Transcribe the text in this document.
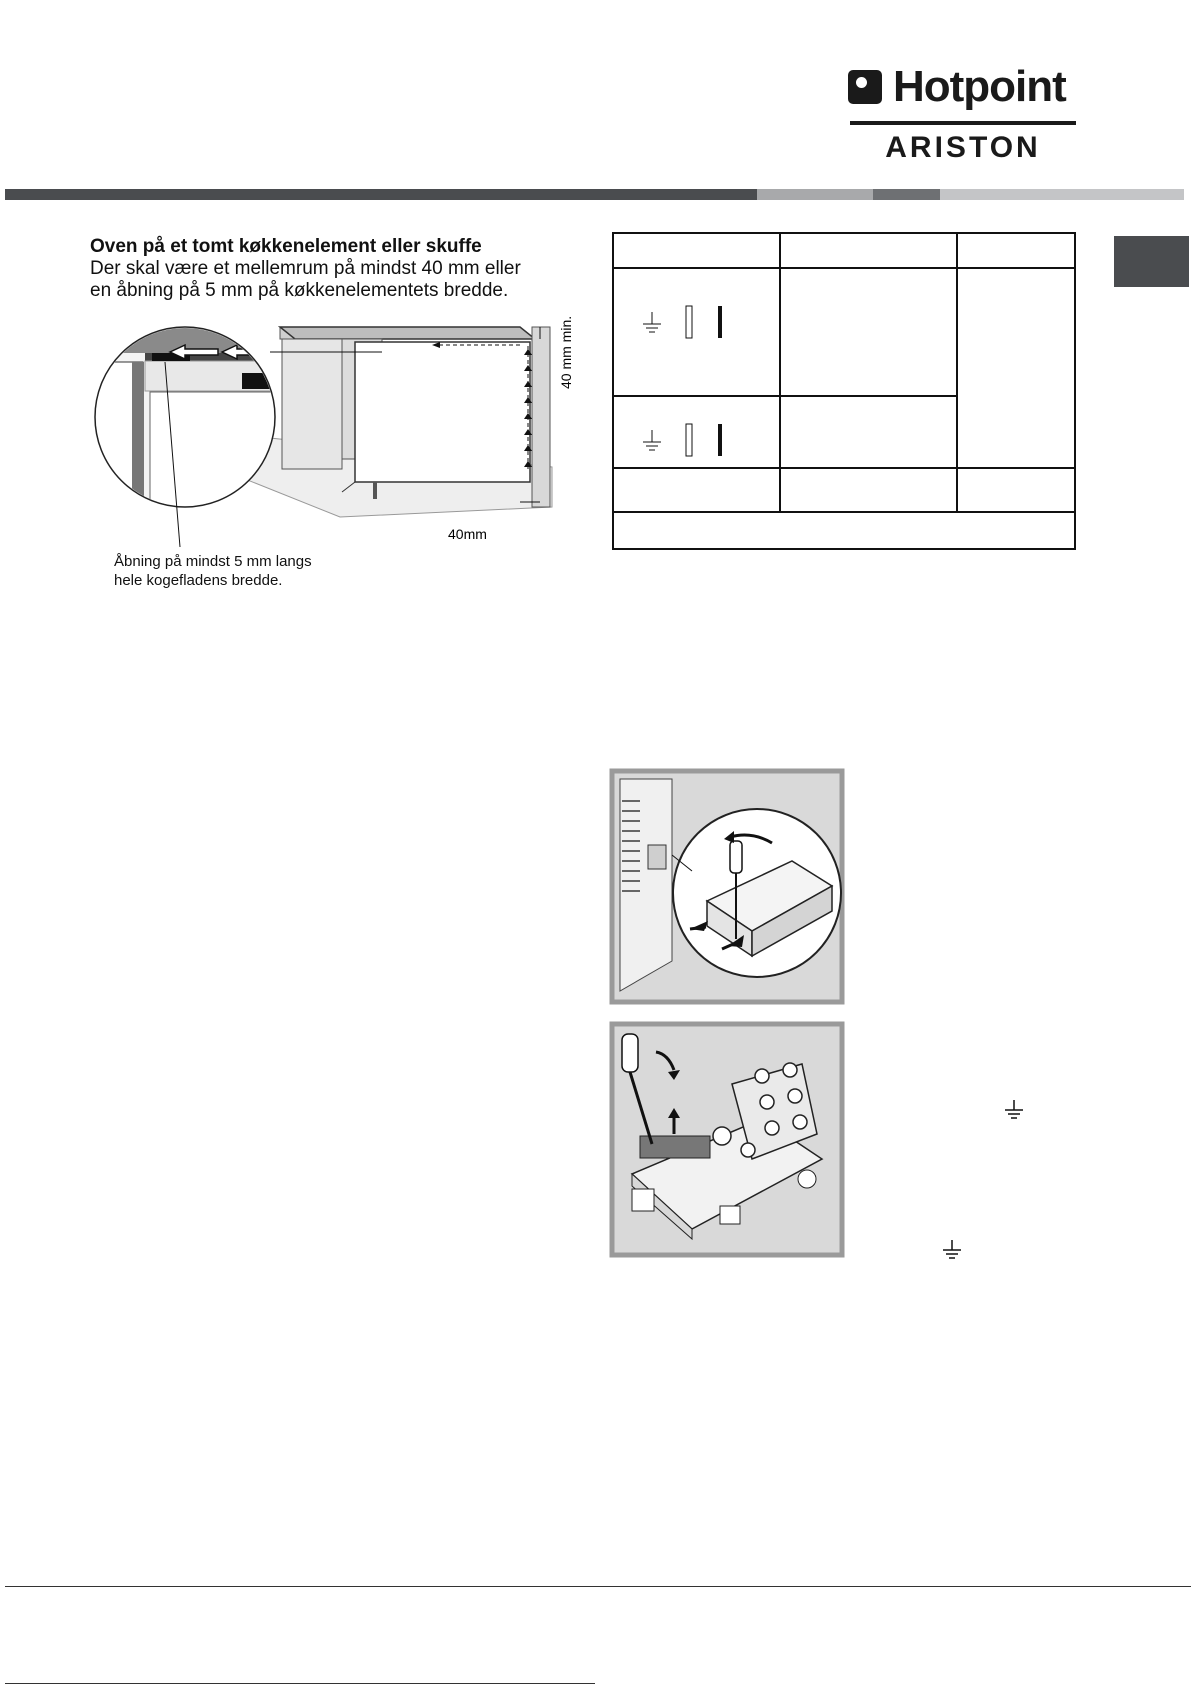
Hotpoint
ARISTON
Oven på et tomt køkkenelement eller skuffe
Der skal være et mellemrum på mindst 40 mm eller
en åbning på 5 mm på køkkenelementets bredde.
40 mm min.
40mm
Åbning på mindst 5 mm langs
hele kogefladens bredde.
